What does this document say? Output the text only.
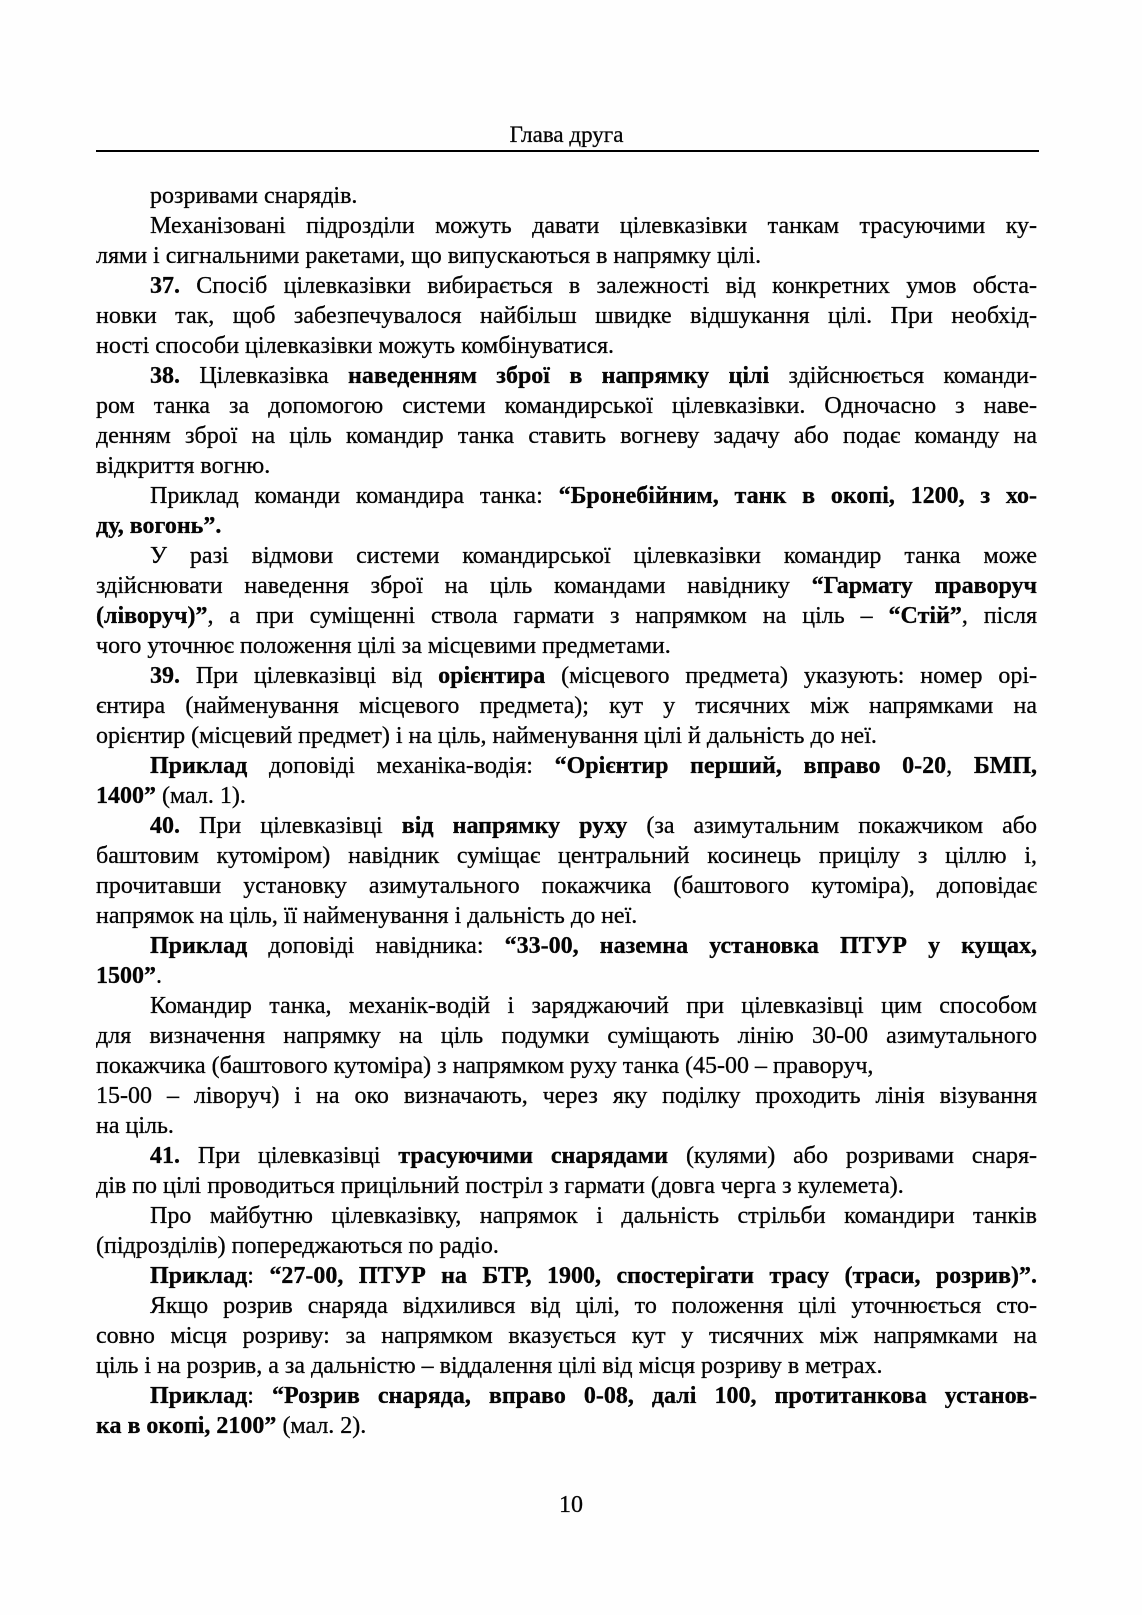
Глава друга
розривами снарядів.
Механізовані підрозділи можуть давати цілевказівки танкам трасуючими ку-
лями і сигнальними ракетами, що випускаються в напрямку цілі.
37. Спосіб цілевказівки вибирається в залежності від конкретних умов обста-
новки так, щоб забезпечувалося найбільш швидке відшукання цілі. При необхід-
ності способи цілевказівки можуть комбінуватися.
38. Цілевказівка наведенням зброї в напрямку цілі здійснюється команди-
ром танка за допомогою системи командирської цілевказівки. Одночасно з наве-
денням зброї на ціль командир танка ставить вогневу задачу або подає команду на
відкриття вогню.
Приклад команди командира танка: “Бронебійним, танк в окопі, 1200, з хо-
ду, вогонь”.
У разі відмови системи командирської цілевказівки командир танка може
здійснювати наведення зброї на ціль командами навіднику “Гармату праворуч
(ліворуч)”, а при суміщенні ствола гармати з напрямком на ціль – “Стій”, після
чого уточнює положення цілі за місцевими предметами.
39. При цілевказівці від орієнтира (місцевого предмета) указують: номер орі-
єнтира (найменування місцевого предмета); кут у тисячних між напрямками на
орієнтир (місцевий предмет) і на ціль, найменування цілі й дальність до неї.
Приклад доповіді механіка-водія: “Орієнтир перший, вправо 0-20, БМП,
1400” (мал. 1).
40. При цілевказівці від напрямку руху (за азимутальним покажчиком або
баштовим кутоміром) навідник суміщає центральний косинець прицілу з ціллю і,
прочитавши установку азимутального покажчика (баштового кутоміра), доповідає
напрямок на ціль, її найменування і дальність до неї.
Приклад доповіді навідника: “33-00, наземна установка ПТУР у кущах,
1500”.
Командир танка, механік-водій і заряджаючий при цілевказівці цим способом
для визначення напрямку на ціль подумки суміщають лінію 30-00 азимутального
покажчика (баштового кутоміра) з напрямком руху танка (45-00 – праворуч,
15-00 – ліворуч) і на око визначають, через яку поділку проходить лінія візування
на ціль.
41. При цілевказівці трасуючими снарядами (кулями) або розривами снаря-
дів по цілі проводиться прицільний постріл з гармати (довга черга з кулемета).
Про майбутню цілевказівку, напрямок і дальність стрільби командири танків
(підрозділів) попереджаються по радіо.
Приклад: “27-00, ПТУР на БТР, 1900, спостерігати трасу (траси, розрив)”.
Якщо розрив снаряда відхилився від цілі, то положення цілі уточнюється сто-
совно місця розриву: за напрямком вказується кут у тисячних між напрямками на
ціль і на розрив, а за дальністю – віддалення цілі від місця розриву в метрах.
Приклад: “Розрив снаряда, вправо 0-08, далі 100, протитанкова установ-
ка в окопі, 2100” (мал. 2).
10
